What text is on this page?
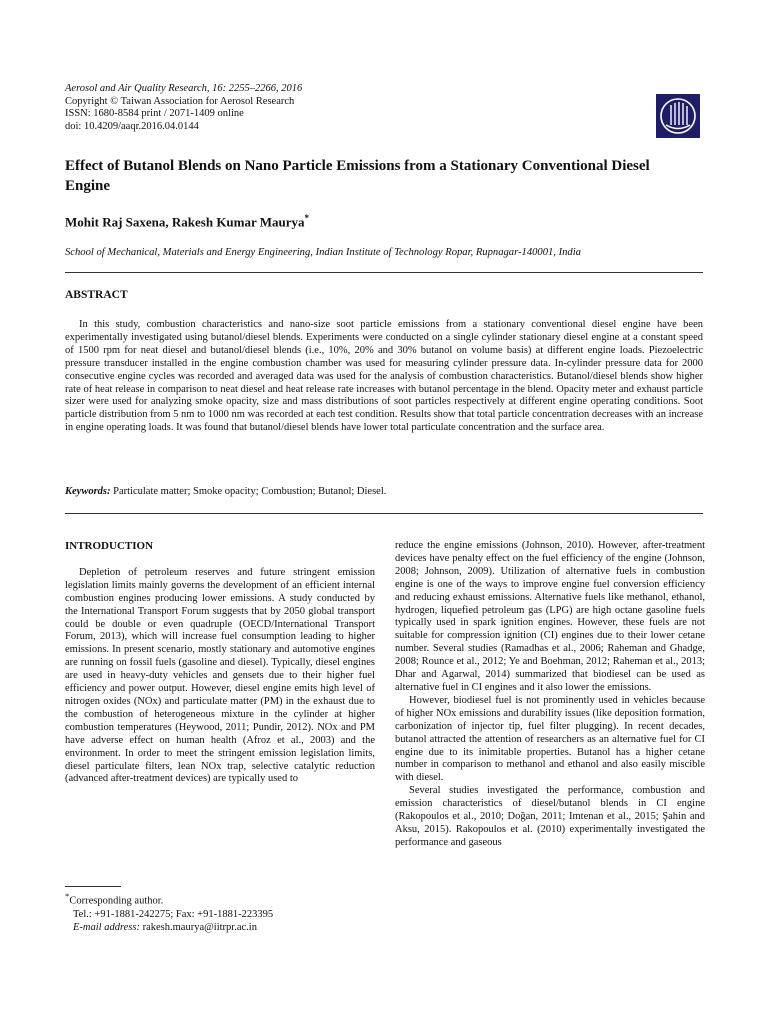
Aerosol and Air Quality Research, 16: 2255–2266, 2016
Copyright © Taiwan Association for Aerosol Research
ISSN: 1680-8584 print / 2071-1409 online
doi: 10.4209/aaqr.2016.04.0144
Effect of Butanol Blends on Nano Particle Emissions from a Stationary Conventional Diesel Engine
Mohit Raj Saxena, Rakesh Kumar Maurya*
School of Mechanical, Materials and Energy Engineering, Indian Institute of Technology Ropar, Rupnagar-140001, India
ABSTRACT

In this study, combustion characteristics and nano-size soot particle emissions from a stationary conventional diesel engine have been experimentally investigated using butanol/diesel blends. Experiments were conducted on a single cylinder stationary diesel engine at a constant speed of 1500 rpm for neat diesel and butanol/diesel blends (i.e., 10%, 20% and 30% butanol on volume basis) at different engine loads. Piezoelectric pressure transducer installed in the engine combustion chamber was used for measuring cylinder pressure data. In-cylinder pressure data for 2000 consecutive engine cycles was recorded and averaged data was used for the analysis of combustion characteristics. Butanol/diesel blends show higher rate of heat release in comparison to neat diesel and heat release rate increases with butanol percentage in the blend. Opacity meter and exhaust particle sizer were used for analyzing smoke opacity, size and mass distributions of soot particles respectively at different engine operating conditions. Soot particle distribution from 5 nm to 1000 nm was recorded at each test condition. Results show that total particle concentration decreases with an increase in engine operating loads. It was found that butanol/diesel blends have lower total particulate concentration and the surface area.

Keywords: Particulate matter; Smoke opacity; Combustion; Butanol; Diesel.

INTRODUCTION

Depletion of petroleum reserves and future stringent emission legislation limits mainly governs the development of an efficient internal combustion engines producing lower emissions. A study conducted by the International Transport Forum suggests that by 2050 global transport could be double or even quadruple (OECD/International Transport Forum, 2013), which will increase fuel consumption leading to higher emissions. In present scenario, mostly stationary and automotive engines are running on fossil fuels (gasoline and diesel). Typically, diesel engines are used in heavy-duty vehicles and gensets due to their higher fuel efficiency and power output. However, diesel engine emits high level of nitrogen oxides (NOx) and particulate matter (PM) in the exhaust due to the combustion of heterogeneous mixture in the cylinder at higher combustion temperatures (Heywood, 2011; Pundir, 2012). NOx and PM have adverse effect on human health (Afroz et al., 2003) and the environment. In order to meet the stringent emission legislation limits, diesel particulate filters, lean NOx trap, selective catalytic reduction (advanced after-treatment devices) are typically used to

reduce the engine emissions (Johnson, 2010). However, after-treatment devices have penalty effect on the fuel efficiency of the engine (Johnson, 2008; Johnson, 2009). Utilization of alternative fuels in combustion engine is one of the ways to improve engine fuel conversion efficiency and reducing exhaust emissions. Alternative fuels like methanol, ethanol, hydrogen, liquefied petroleum gas (LPG) are high octane gasoline fuels typically used in spark ignition engines. However, these fuels are not suitable for compression ignition (CI) engines due to their lower cetane number. Several studies (Ramadhas et al., 2006; Raheman and Ghadge, 2008; Rounce et al., 2012; Ye and Boehman, 2012; Raheman et al., 2013; Dhar and Agarwal, 2014) summarized that biodiesel can be used as alternative fuel in CI engines and it also lower the emissions.

However, biodiesel fuel is not prominently used in vehicles because of higher NOx emissions and durability issues (like deposition formation, carbonization of injector tip, fuel filter plugging). In recent decades, butanol attracted the attention of researchers as an alternative fuel for CI engine due to its inimitable properties. Butanol has a higher cetane number in comparison to methanol and ethanol and also easily miscible with diesel.

Several studies investigated the performance, combustion and emission characteristics of diesel/butanol blends in CI engine (Rakopoulos et al., 2010; Doğan, 2011; Imtenan et al., 2015; Şahin and Aksu, 2015). Rakopoulos et al. (2010) experimentally investigated the performance and gaseous

*Corresponding author.
Tel.: +91-1881-242275; Fax: +91-1881-223395
E-mail address: rakesh.maurya@iitrpr.ac.in
